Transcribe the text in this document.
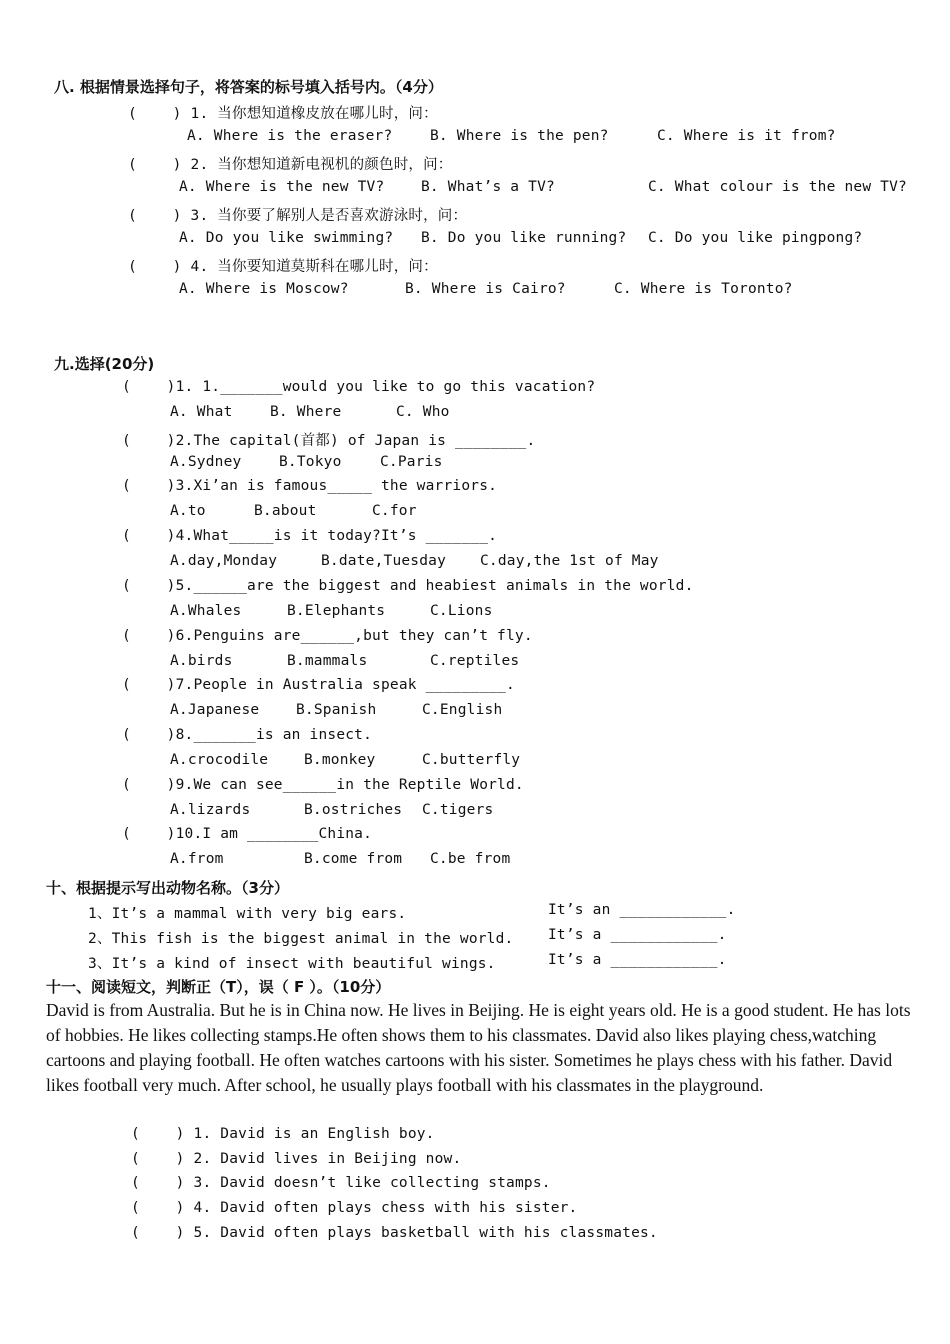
八. 根据情景选择句子，将答案的标号填入括号内。（4分）
(    ) 1. 当你想知道橡皮放在哪儿时，问：
A. Where is the eraser?	B. Where is the pen?	C. Where is it from?
(    ) 2. 当你想知道新电视机的颜色时，问：
A. Where is the new TV?	B. What’s a TV?	C. What colour is the new TV?
(    ) 3. 当你要了解别人是否喜欢游泳时，问：
A. Do you like swimming? B. Do you like running? C. Do you like pingpong?
(    ) 4. 当你要知道莫斯科在哪儿时，问：
A. Where is Moscow?	B. Where is Cairo?	C. Where is Toronto?
九.选择(20分)
(    )1. 1._______would you like to go this vacation?
A. What	B. Where	C. Who
(    )2.The capital(首都) of Japan is ________.
A.Sydney	B.Tokyo	C.Paris
(    )3.Xi’an is famous_____ the warriors.
A.to	B.about	C.for
(    )4.What_____is it today?It’s _______.
A.day,Monday	B.date,Tuesday C.day,the 1st of May
(    )5.______are the biggest and heabiest animals in the world.
A.Whales	B.Elephants	C.Lions
(    )6.Penguins are______,but they can’t fly.
A.birds	B.mammals	C.reptiles
(    )7.People in Australia speak _________.
A.Japanese	B.Spanish	C.English
(    )8._______is an insect.
A.crocodile B.monkey	C.butterfly
(    )9.We can see______in the Reptile World.
A.lizards	B.ostriches C.tigers
(    )10.I am ________China.
A.from	B.come from C.be from
十、根据提示写出动物名称。（3分）
1、It’s a mammal with very big ears.	It’s an ____________.
2、This fish is the biggest animal in the world. It’s a ____________.
3、It’s a kind of insect with beautiful wings.	It’s a ____________.
十一、阅读短文，判断正（T），误（ F ）。（10分）
David is from Australia. But he is in China now. He lives in Beijing. He is eight years old. He is a good student. He has lots of hobbies. He likes collecting stamps.He often shows them to his classmates. David also likes playing chess,watching cartoons and playing football. He often watches cartoons with his sister. Sometimes he plays chess with his father. David likes football very much. After school, he usually plays football with his classmates in the playground.
(    ) 1. David is an English boy.
(    ) 2. David lives in Beijing now.
(    ) 3. David doesn’t like collecting stamps.
(    ) 4. David often plays chess with his sister.
(    ) 5. David often plays basketball with his classmates.
